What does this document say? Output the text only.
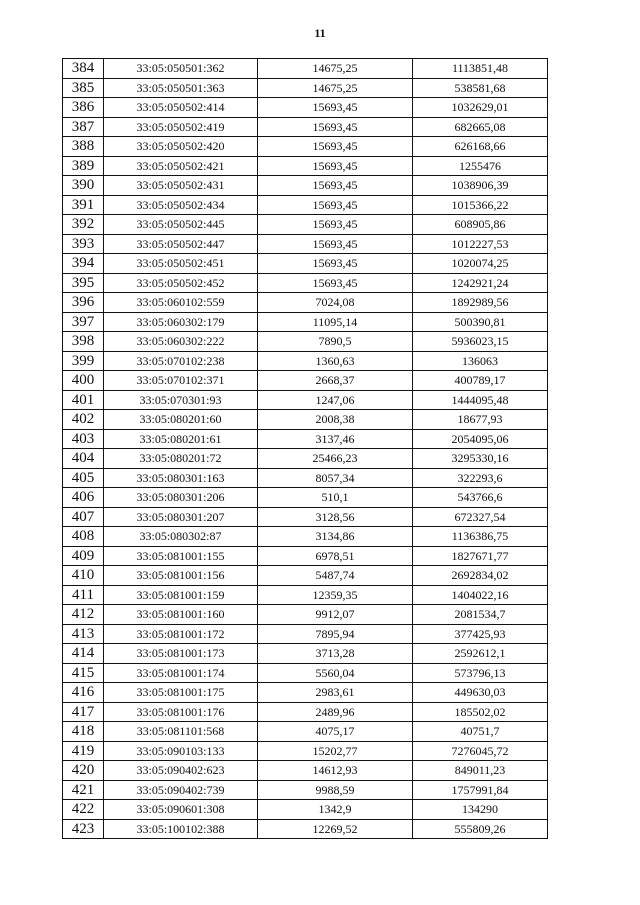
11
384	33:05:050501:362	14675,25	1113851,48
385	33:05:050501:363	14675,25	538581,68
386	33:05:050502:414	15693,45	1032629,01
387	33:05:050502:419	15693,45	682665,08
388	33:05:050502:420	15693,45	626168,66
389	33:05:050502:421	15693,45	1255476
390	33:05:050502:431	15693,45	1038906,39
391	33:05:050502:434	15693,45	1015366,22
392	33:05:050502:445	15693,45	608905,86
393	33:05:050502:447	15693,45	1012227,53
394	33:05:050502:451	15693,45	1020074,25
395	33:05:050502:452	15693,45	1242921,24
396	33:05:060102:559	7024,08	1892989,56
397	33:05:060302:179	11095,14	500390,81
398	33:05:060302:222	7890,5	5936023,15
399	33:05:070102:238	1360,63	136063
400	33:05:070102:371	2668,37	400789,17
401	33:05:070301:93	1247,06	1444095,48
402	33:05:080201:60	2008,38	18677,93
403	33:05:080201:61	3137,46	2054095,06
404	33:05:080201:72	25466,23	3295330,16
405	33:05:080301:163	8057,34	322293,6
406	33:05:080301:206	510,1	543766,6
407	33:05:080301:207	3128,56	672327,54
408	33:05:080302:87	3134,86	1136386,75
409	33:05:081001:155	6978,51	1827671,77
410	33:05:081001:156	5487,74	2692834,02
411	33:05:081001:159	12359,35	1404022,16
412	33:05:081001:160	9912,07	2081534,7
413	33:05:081001:172	7895,94	377425,93
414	33:05:081001:173	3713,28	2592612,1
415	33:05:081001:174	5560,04	573796,13
416	33:05:081001:175	2983,61	449630,03
417	33:05:081001:176	2489,96	185502,02
418	33:05:081101:568	4075,17	40751,7
419	33:05:090103:133	15202,77	7276045,72
420	33:05:090402:623	14612,93	849011,23
421	33:05:090402:739	9988,59	1757991,84
422	33:05:090601:308	1342,9	134290
423	33:05:100102:388	12269,52	555809,26
